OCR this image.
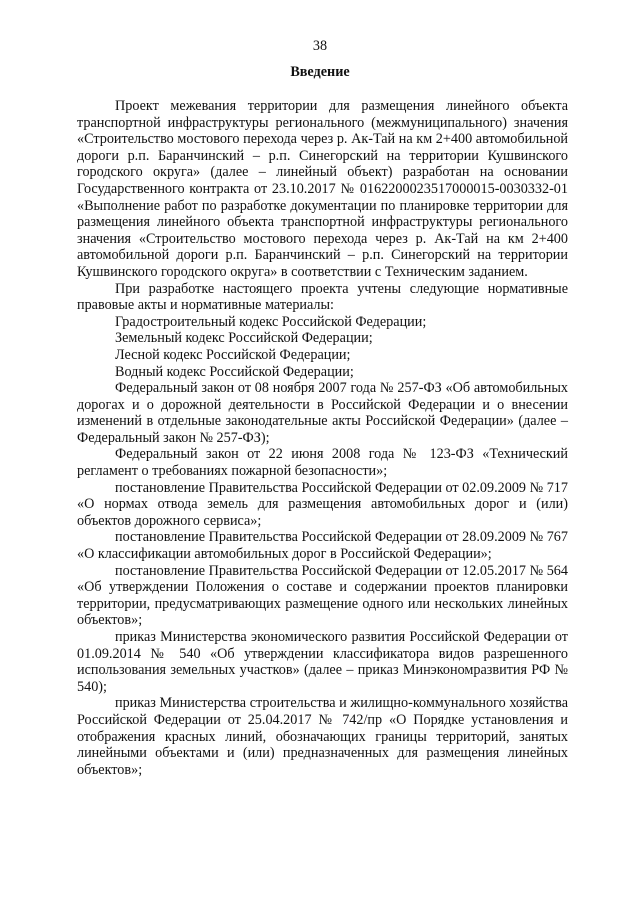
38
Введение

Проект межевания территории для размещения линейного объекта транспортной инфраструктуры регионального (межмуниципального) значения «Строительство мостового перехода через р. Ак-Тай на км 2+400 автомобильной дороги р.п. Баранчинский – р.п. Синегорский на территории Кушвинского городского округа» (далее – линейный объект) разработан на основании Государственного контракта от 23.10.2017 № 0162200023517000015-0030332-01 «Выполнение работ по разработке документации по планировке территории для размещения линейного объекта транспортной инфраструктуры регионального значения «Строительство мостового перехода через р. Ак-Тай на км 2+400 автомобильной дороги р.п. Баранчинский – р.п. Синегорский на территории Кушвинского городского округа» в соответствии с Техническим заданием.

При разработке настоящего проекта учтены следующие нормативные правовые акты и нормативные материалы:

Градостроительный кодекс Российской Федерации;

Земельный кодекс Российской Федерации;

Лесной кодекс Российской Федерации;

Водный кодекс Российской Федерации;

Федеральный закон от 08 ноября 2007 года № 257-ФЗ «Об автомобильных дорогах и о дорожной деятельности в Российской Федерации и о внесении изменений в отдельные законодательные акты Российской Федерации» (далее – Федеральный закон № 257-ФЗ);

Федеральный закон от 22 июня 2008 года № 123-ФЗ «Технический регламент о требованиях пожарной безопасности»;

постановление Правительства Российской Федерации от 02.09.2009 № 717 «О нормах отвода земель для размещения автомобильных дорог и (или) объектов дорожного сервиса»;

постановление Правительства Российской Федерации от 28.09.2009 № 767 «О классификации автомобильных дорог в Российской Федерации»;

постановление Правительства Российской Федерации от 12.05.2017 № 564 «Об утверждении Положения о составе и содержании проектов планировки территории, предусматривающих размещение одного или нескольких линейных объектов»;

приказ Министерства экономического развития Российской Федерации от 01.09.2014 № 540 «Об утверждении классификатора видов разрешенного использования земельных участков» (далее – приказ Минэкономразвития РФ № 540);

приказ Министерства строительства и жилищно-коммунального хозяйства Российской Федерации от 25.04.2017 № 742/пр «О Порядке установления и отображения красных линий, обозначающих границы территорий, занятых линейными объектами и (или) предназначенных для размещения линейных объектов»;
